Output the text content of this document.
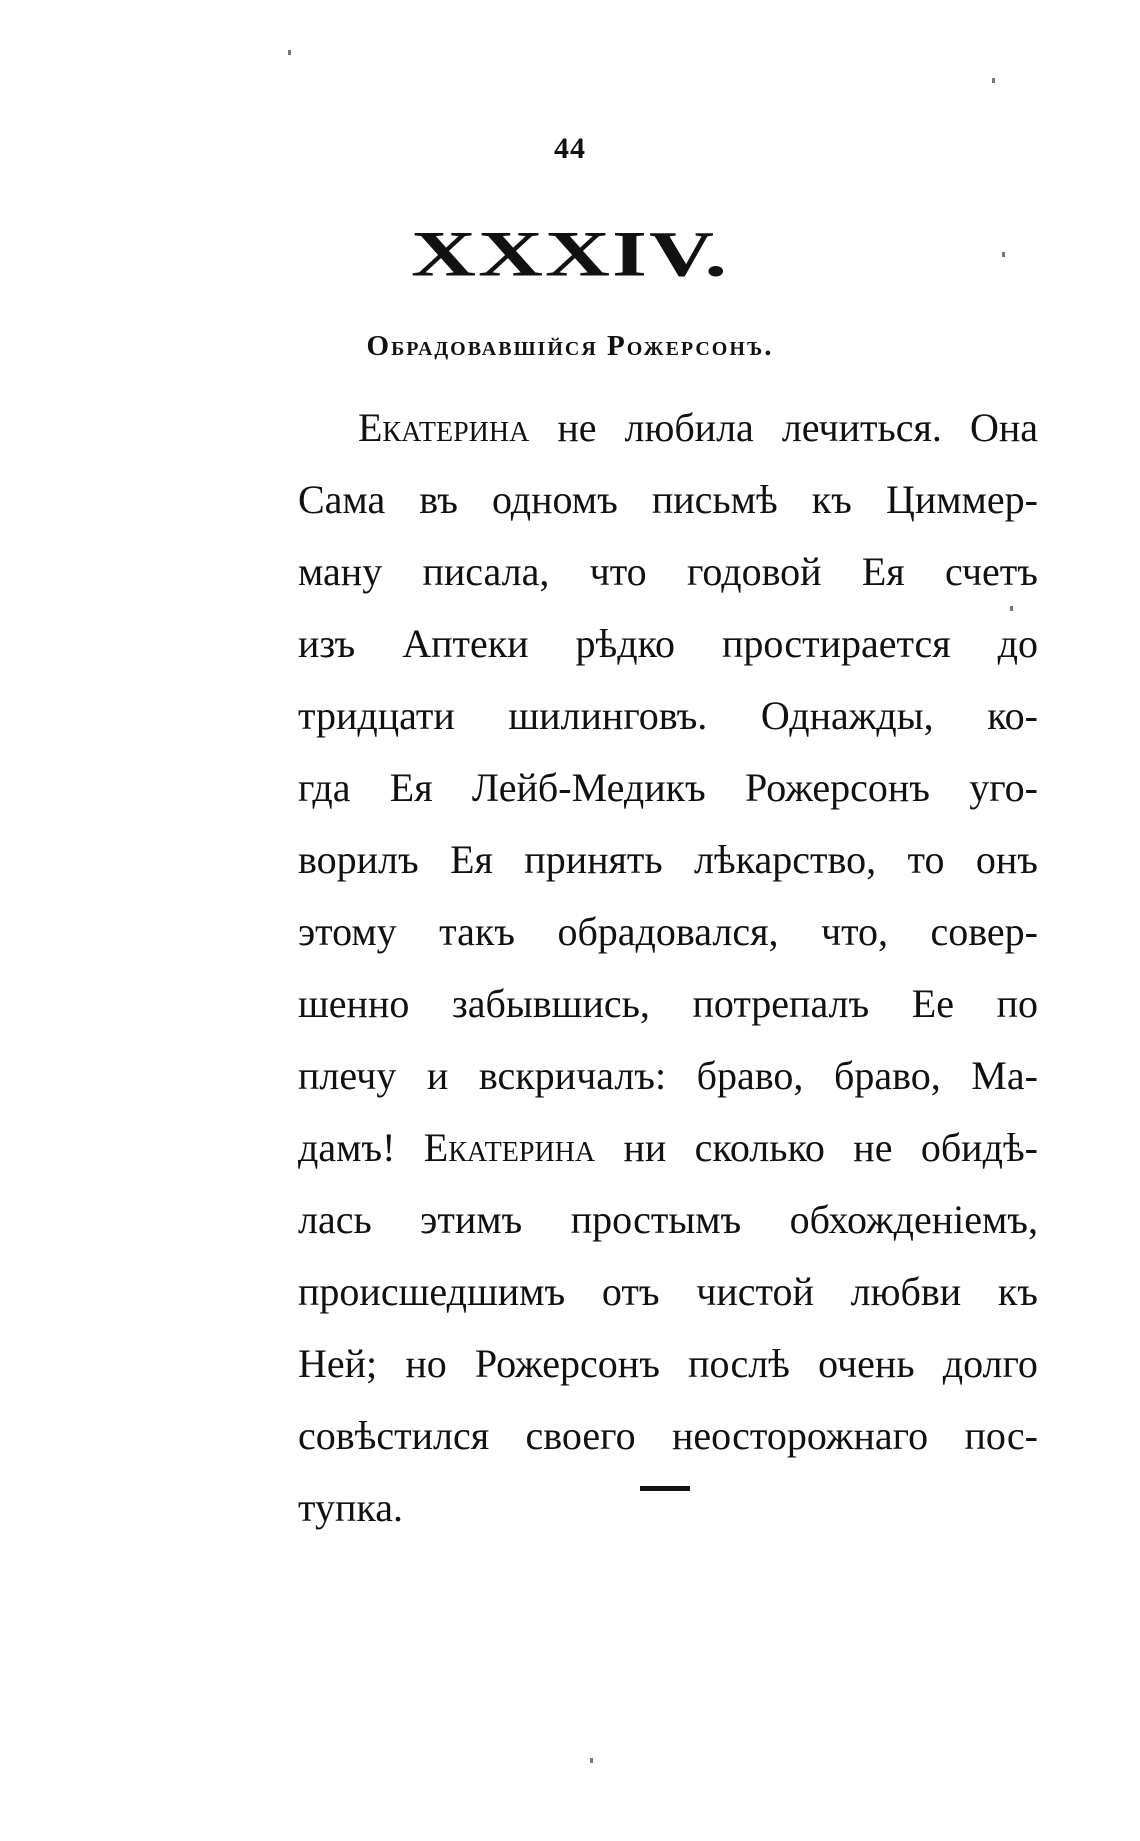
44
XXXIV.
Обрадовавшійся Рожерсонъ.
Екатерина не любила лечиться. Она
Сама въ одномъ письмѣ къ Циммер-
ману писала, что годовой Ея счетъ
изъ Аптеки рѣдко простирается до
тридцати шилинговъ. Однажды, ко-
гда Ея Лейб-Медикъ Рожерсонъ уго-
ворилъ Ея принять лѣкарство, то онъ
этому такъ обрадовался, что, совер-
шенно забывшись, потрепалъ Ее по
плечу и вскричалъ: браво, браво, Ма-
дамъ! Екатерина ни сколько не обидѣ-
лась этимъ простымъ обхожденіемъ,
происшедшимъ отъ чистой любви къ
Ней; но Рожерсонъ послѣ очень долго
совѣстился своего неосторожнаго пос-
тупка.
